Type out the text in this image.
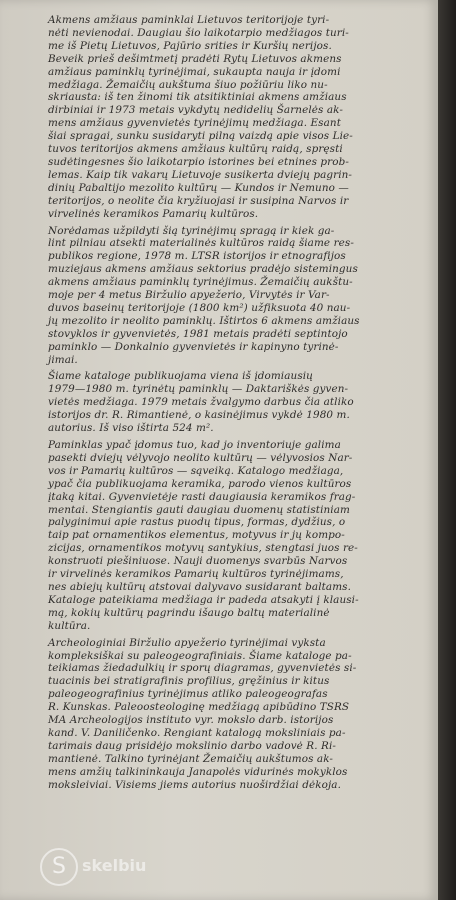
Akmens amžiaus paminklai Lietuvos teritorijoje tyri-
nėti nevienodai. Daugiau šio laikotarpio medžiagos turi-
me iš Pietų Lietuvos, Pajūrio srities ir Kuršių nerijos.
Beveik prieš dešimtmetį pradėti Rytų Lietuvos akmens
amžiaus paminklų tyrinėjimai, sukaupta nauja ir įdomi
medžiaga. Žemaičių aukštuma šiuo požiūriu liko nu-
skriausta: iš ten žinomi tik atsitiktiniai akmens amžiaus
dirbiniai ir 1973 metais vykdytų nedidelių Šarnelės ak-
mens amžiaus gyvenvietės tyrinėjimų medžiaga. Esant
šiai spragai, sunku susidaryti pilną vaizdą apie visos Lie-
tuvos teritorijos akmens amžiaus kultūrų raidą, spręsti
sudėtingesnes šio laikotarpio istorines bei etnines prob-
lemas. Kaip tik vakarų Lietuvoje susikerta dviejų pagrin-
dinių Pabaltijo mezolito kultūrų — Kundos ir Nemuno —
teritorijos, o neolite čia kryžiuojasi ir susipina Narvos ir
virvelinės keramikos Pamarių kultūros.

Norėdamas užpildyti šią tyrinėjimų spragą ir kiek ga-
lint pilniau atsekti materialinės kultūros raidą šiame res-
publikos regione, 1978 m. LTSR istorijos ir etnografijos
muziejaus akmens amžiaus sektorius pradėjo sistemingus
akmens amžiaus paminklų tyrinėjimus. Žemaičių aukštu-
moje per 4 metus Biržulio apyežerio, Virvytės ir Var-
duvos baseinų teritorijoje (1800 km²) užfiksuota 40 nau-
jų mezolito ir neolito paminklų. Ištirtos 6 akmens amžiaus
stovyklos ir gyvenvietės, 1981 metais pradėti septintojo
paminklo — Donkalnio gyvenvietės ir kapinyno tyrinė-
jimai.

Šiame kataloge publikuojama viena iš įdomiausių
1979—1980 m. tyrinėtų paminklų — Daktariškės gyven-
vietės medžiaga. 1979 metais žvalgymo darbus čia atliko
istorijos dr. R. Rimantienė, o kasinėjimus vykdė 1980 m.
autorius. Iš viso ištirta 524 m².

Paminklas ypač įdomus tuo, kad jo inventoriuje galima
pasekti dviejų vėlyvojo neolito kultūrų — vėlyvosios Nar-
vos ir Pamarių kultūros — sąveiką. Katalogo medžiaga,
ypač čia publikuojama keramika, parodo vienos kultūros
įtaką kitai. Gyvenvietėje rasti daugiausia keramikos frag-
mentai. Stengiantis gauti daugiau duomenų statistiniam
palyginimui apie rastus puodų tipus, formas, dydžius, o
taip pat ornamentikos elementus, motyvus ir jų kompo-
zicijas, ornamentikos motyvų santykius, stengtasi juos re-
konstruoti piešiniuose. Nauji duomenys svarbūs Narvos
ir virvelinės keramikos Pamarių kultūros tyrinėjimams,
nes abiejų kultūrų atstovai dalyvavo susidarant baltams.
Kataloge pateikiama medžiaga ir padeda atsakyti į klausi-
mą, kokių kultūrų pagrindu išaugo baltų materialinė
kultūra.

Archeologiniai Biržulio apyežerio tyrinėjimai vyksta
kompleksiškai su paleogeografiniais. Šiame kataloge pa-
teikiamas žiedadulkių ir sporų diagramas, gyvenvietės si-
tuacinis bei stratigrafinis profilius, gręžinius ir kitus
paleogeografinius tyrinėjimus atliko paleogeografas
R. Kunskas. Paleoosteologinę medžiagą apibūdino TSRS
MA Archeologijos instituto vyr. mokslo darb. istorijos
kand. V. Daniličenko. Rengiant katalogą moksliniais pa-
tarimais daug prisidėjo mokslinio darbo vadovė R. Ri-
mantienė. Talkino tyrinėjant Žemaičių aukštumos ak-
mens amžių talkininkauja Janapolės vidurinės mokyklos
moksleiviai. Visiems jiems autorius nuoširdžiai dėkoja.

S	skelbiu
